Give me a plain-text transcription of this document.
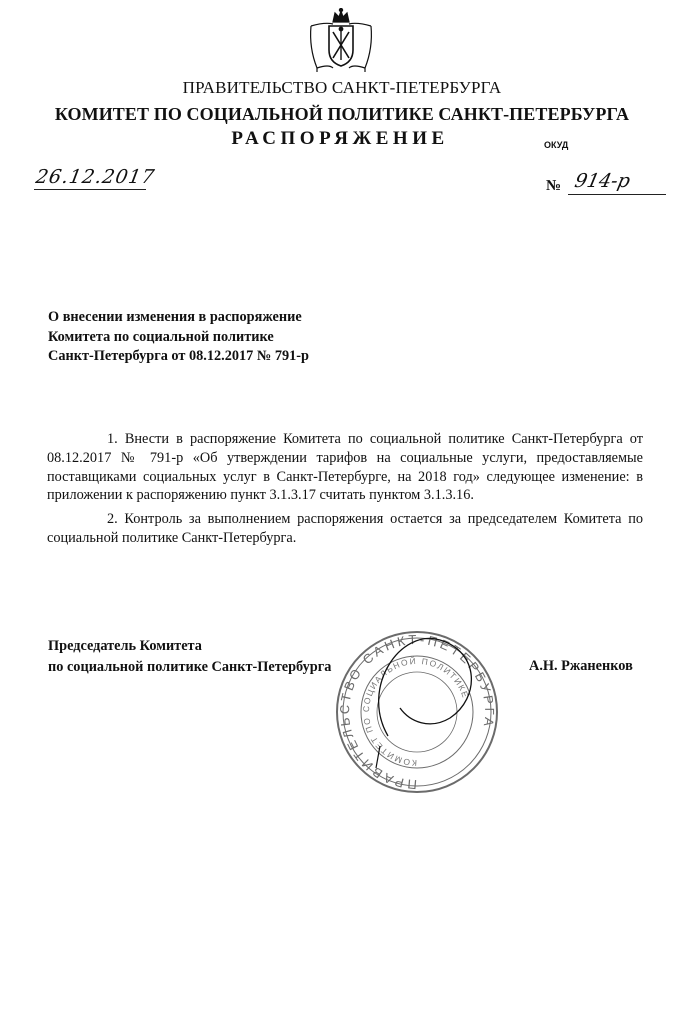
ПРАВИТЕЛЬСТВО САНКТ-ПЕТЕРБУРГА
КОМИТЕТ ПО СОЦИАЛЬНОЙ ПОЛИТИКЕ САНКТ-ПЕТЕРБУРГА
РАСПОРЯЖЕНИЕ	ОКУД
26.12.2017	№ 914-р
О внесении изменения в распоряжение
Комитета по социальной политике
Санкт-Петербурга от 08.12.2017 № 791-р

1. Внести в распоряжение Комитета по социальной политике Санкт-Петербурга от 08.12.2017 № 791-р «Об утверждении тарифов на социальные услуги, предоставляемые поставщиками социальных услуг в Санкт-Петербурге, на 2018 год» следующее изменение: в приложении к распоряжению пункт 3.1.3.17 считать пунктом 3.1.3.16.

2. Контроль за выполнением распоряжения остается за председателем Комитета по социальной политике Санкт-Петербурга.

Председатель Комитета
по социальной политике Санкт-Петербурга	А.Н. Ржаненков
ПРАВИТЕЛЬСТВО САНКТ-ПЕТЕРБУРГА
КОМИТЕТ ПО СОЦИАЛЬНОЙ ПОЛИТИКЕ
